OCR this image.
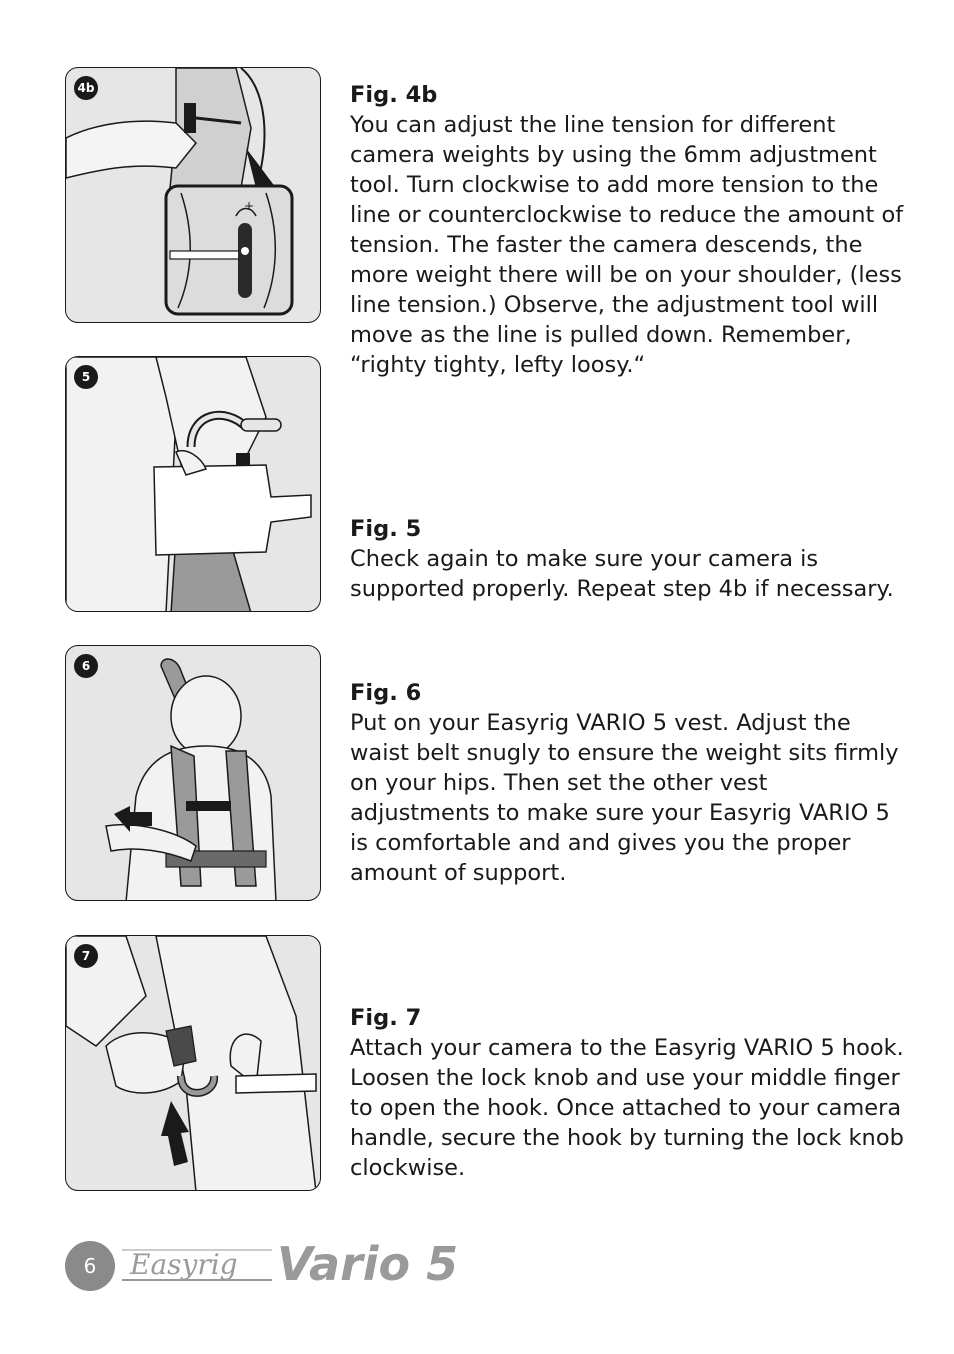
4b
+
Fig. 4b
You can adjust the line tension for different camera weights by using the 6mm adjustment tool. Turn clockwise to add more tension to the line or counterclockwise to reduce the amount of tension. The faster the camera descends, the more weight there will be on your shoulder, (less line tension.) Observe, the adjustment tool will move as the line is pulled down. Remember, “righty tighty, lefty loosy.“
5
Fig. 5
Check again to make sure your camera is supported properly. Repeat step 4b if necessary.
6
Fig. 6
Put on your Easyrig VARIO 5 vest. Adjust the waist belt snugly to ensure the weight sits firmly on your hips. Then set the other vest adjustments to make sure your Easyrig VARIO 5 is comfortable and and gives you the proper amount of support.
7
Fig. 7
Attach your camera to the Easyrig VARIO 5 hook. Loosen the lock knob and use your middle finger to open the hook. Once attached to your camera handle, secure the hook by turning the lock knob clockwise.
6	Easyrig Vario 5
